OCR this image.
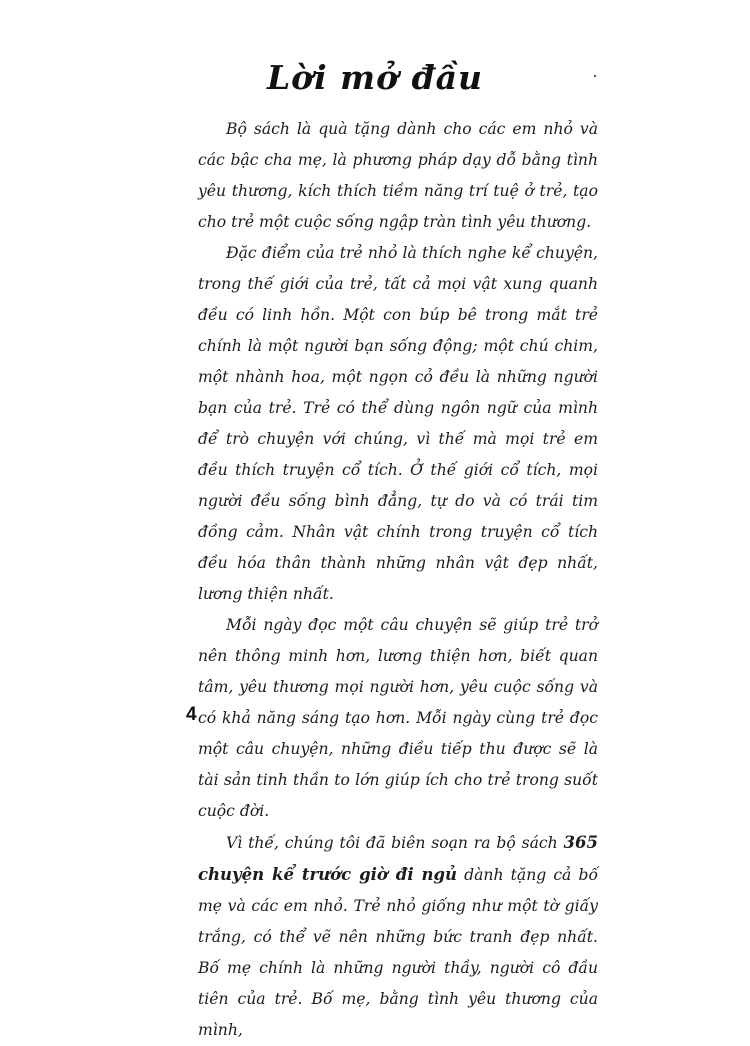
Lời mở đầu

Bộ sách là quà tặng dành cho các em nhỏ và các bậc cha mẹ, là phương pháp dạy dỗ bằng tình yêu thương, kích thích tiềm năng trí tuệ ở trẻ, tạo cho trẻ một cuộc sống ngập tràn tình yêu thương.

Đặc điểm của trẻ nhỏ là thích nghe kể chuyện, trong thế giới của trẻ, tất cả mọi vật xung quanh đều có linh hồn. Một con búp bê trong mắt trẻ chính là một người bạn sống động; một chú chim, một nhành hoa, một ngọn cỏ đều là những người bạn của trẻ. Trẻ có thể dùng ngôn ngữ của mình để trò chuyện với chúng, vì thế mà mọi trẻ em đều thích truyện cổ tích. Ở thế giới cổ tích, mọi người đều sống bình đẳng, tự do và có trái tim đồng cảm. Nhân vật chính trong truyện cổ tích đều hóa thân thành những nhân vật đẹp nhất, lương thiện nhất.

Mỗi ngày đọc một câu chuyện sẽ giúp trẻ trở nên thông minh hơn, lương thiện hơn, biết quan tâm, yêu thương mọi người hơn, yêu cuộc sống và có khả năng sáng tạo hơn. Mỗi ngày cùng trẻ đọc một câu chuyện, những điều tiếp thu được sẽ là tài sản tinh thần to lớn giúp ích cho trẻ trong suốt cuộc đời.

Vì thế, chúng tôi đã biên soạn ra bộ sách 365 chuyện kể trước giờ đi ngủ dành tặng cả bố mẹ và các em nhỏ. Trẻ nhỏ giống như một tờ giấy trắng, có thể vẽ nên những bức tranh đẹp nhất. Bố mẹ chính là những người thầy, người cô đầu tiên của trẻ. Bố mẹ, bằng tình yêu thương của mình,

4
